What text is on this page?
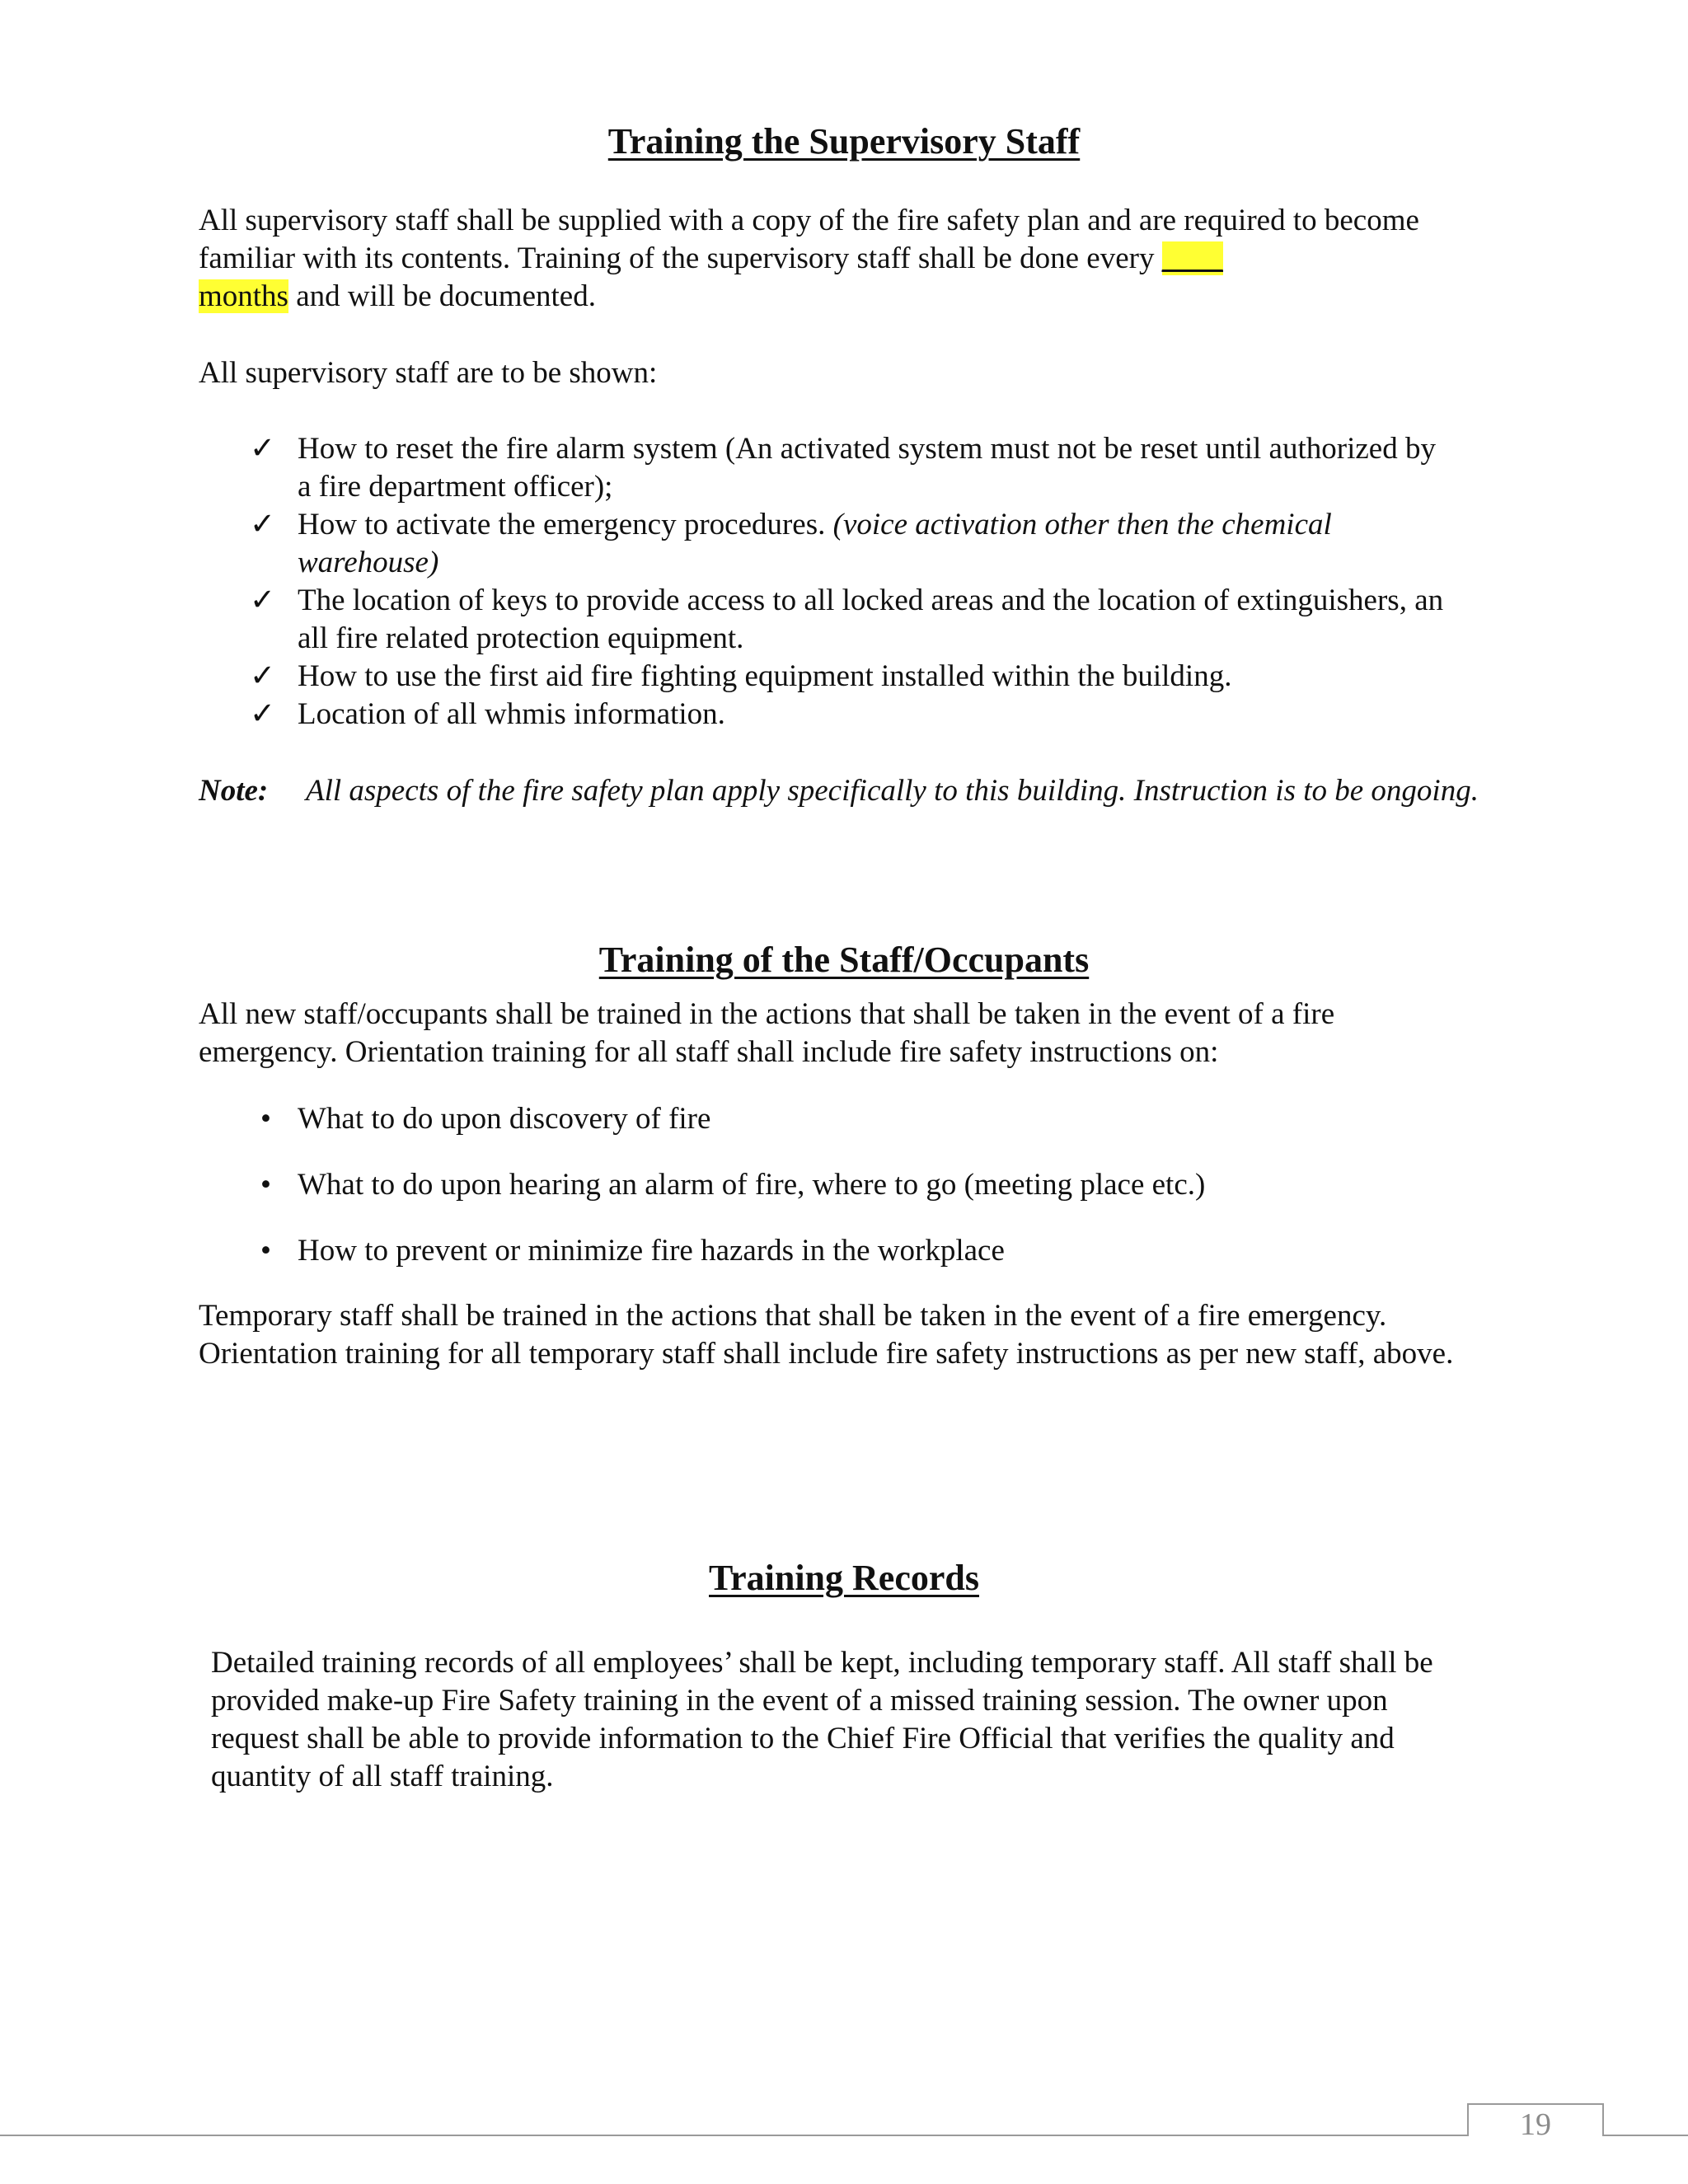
Training the Supervisory Staff

All supervisory staff shall be supplied with a copy of the fire safety plan and are required to become familiar with its contents. Training of the supervisory staff shall be done every ____
months and will be documented.

All supervisory staff are to be shown:

✓ How to reset the fire alarm system (An activated system must not be reset until authorized by a fire department officer);
✓ How to activate the emergency procedures. (voice activation other then the chemical warehouse)
✓ The location of keys to provide access to all locked areas and the location of extinguishers, an all fire related protection equipment.
✓ How to use the first aid fire fighting equipment installed within the building.
✓ Location of all whmis information.
Note: All aspects of the fire safety plan apply specifically to this building. Instruction is to be ongoing.
Training of the Staff/Occupants

All new staff/occupants shall be trained in the actions that shall be taken in the event of a fire emergency. Orientation training for all staff shall include fire safety instructions on:

• What to do upon discovery of fire
• What to do upon hearing an alarm of fire, where to go (meeting place etc.)
• How to prevent or minimize fire hazards in the workplace

Temporary staff shall be trained in the actions that shall be taken in the event of a fire emergency. Orientation training for all temporary staff shall include fire safety instructions as per new staff, above.

Training Records

Detailed training records of all employees’ shall be kept, including temporary staff. All staff shall be provided make-up Fire Safety training in the event of a missed training session. The owner upon request shall be able to provide information to the Chief Fire Official that verifies the quality and quantity of all staff training.

19
